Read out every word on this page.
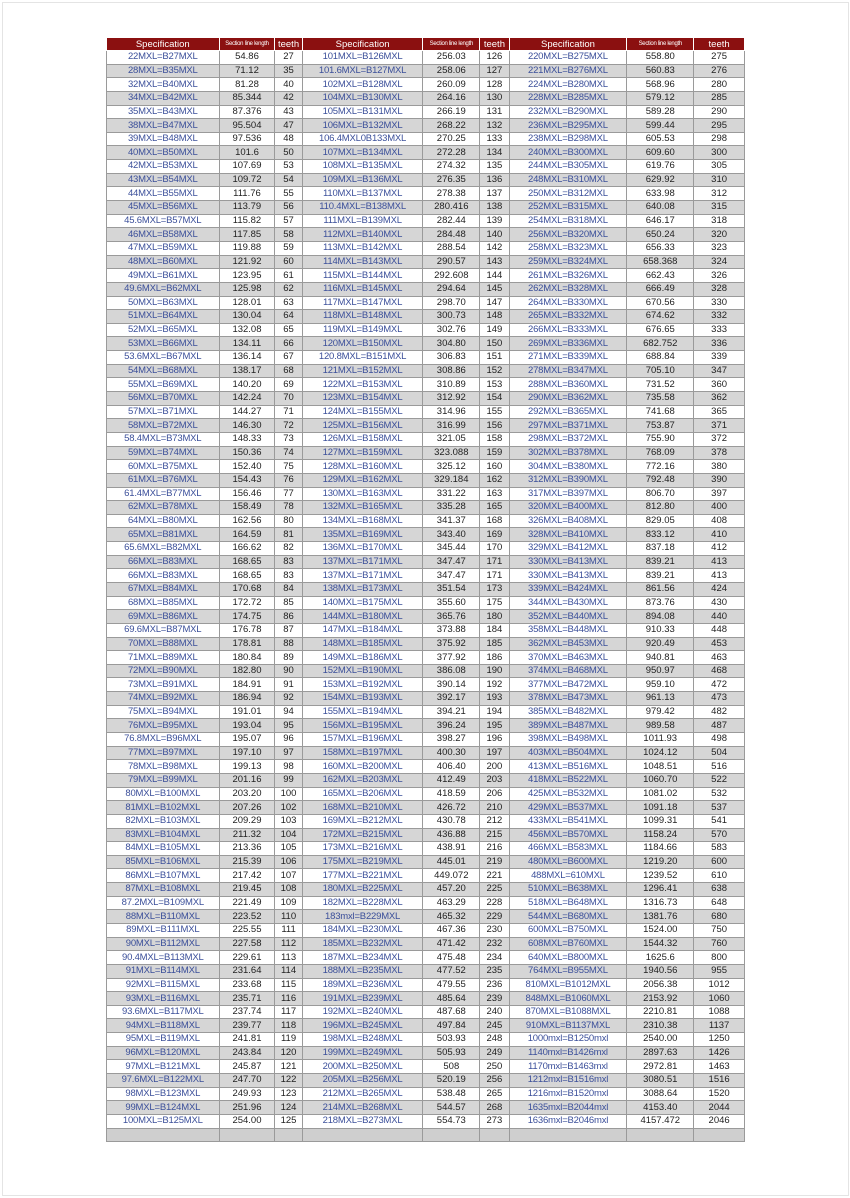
Specification	Section line length	teeth	Specification	Section line length	teeth	Specification	Section line length	teeth
22MXL=B27MXL	54.86	27	101MXL=B126MXL	256.03	126	220MXL=B275MXL	558.80	275
28MXL=B35MXL	71.12	35	101.6MXL=B127MXL	258.06	127	221MXL=B276MXL	560.83	276
32MXL=B40MXL	81.28	40	102MXL=B128MXL	260.09	128	224MXL=B280MXL	568.96	280
34MXL=B42MXL	85.344	42	104MXL=B130MXL	264.16	130	228MXL=B285MXL	579.12	285
35MXL=B43MXL	87.376	43	105MXL=B131MXL	266.19	131	232MXL=B290MXL	589.28	290
38MXL=B47MXL	95.504	47	106MXL=B132MXL	268.22	132	236MXL=B295MXL	599.44	295
39MXL=B48MXL	97.536	48	106.4MXL0B133MXL	270.25	133	238MXL=B298MXL	605.53	298
40MXL=B50MXL	101.6	50	107MXL=B134MXL	272.28	134	240MXL=B300MXL	609.60	300
42MXL=B53MXL	107.69	53	108MXL=B135MXL	274.32	135	244MXL=B305MXL	619.76	305
43MXL=B54MXL	109.72	54	109MXL=B136MXL	276.35	136	248MXL=B310MXL	629.92	310
44MXL=B55MXL	111.76	55	110MXL=B137MXL	278.38	137	250MXL=B312MXL	633.98	312
45MXL=B56MXL	113.79	56	110.4MXL=B138MXL	280.416	138	252MXL=B315MXL	640.08	315
45.6MXL=B57MXL	115.82	57	111MXL=B139MXL	282.44	139	254MXL=B318MXL	646.17	318
46MXL=B58MXL	117.85	58	112MXL=B140MXL	284.48	140	256MXL=B320MXL	650.24	320
47MXL=B59MXL	119.88	59	113MXL=B142MXL	288.54	142	258MXL=B323MXL	656.33	323
48MXL=B60MXL	121.92	60	114MXL=B143MXL	290.57	143	259MXL=B324MXL	658.368	324
49MXL=B61MXL	123.95	61	115MXL=B144MXL	292.608	144	261MXL=B326MXL	662.43	326
49.6MXL=B62MXL	125.98	62	116MXL=B145MXL	294.64	145	262MXL=B328MXL	666.49	328
50MXL=B63MXL	128.01	63	117MXL=B147MXL	298.70	147	264MXL=B330MXL	670.56	330
51MXL=B64MXL	130.04	64	118MXL=B148MXL	300.73	148	265MXL=B332MXL	674.62	332
52MXL=B65MXL	132.08	65	119MXL=B149MXL	302.76	149	266MXL=B333MXL	676.65	333
53MXL=B66MXL	134.11	66	120MXL=B150MXL	304.80	150	269MXL=B336MXL	682.752	336
53.6MXL=B67MXL	136.14	67	120.8MXL=B151MXL	306.83	151	271MXL=B339MXL	688.84	339
54MXL=B68MXL	138.17	68	121MXL=B152MXL	308.86	152	278MXL=B347MXL	705.10	347
55MXL=B69MXL	140.20	69	122MXL=B153MXL	310.89	153	288MXL=B360MXL	731.52	360
56MXL=B70MXL	142.24	70	123MXL=B154MXL	312.92	154	290MXL=B362MXL	735.58	362
57MXL=B71MXL	144.27	71	124MXL=B155MXL	314.96	155	292MXL=B365MXL	741.68	365
58MXL=B72MXL	146.30	72	125MXL=B156MXL	316.99	156	297MXL=B371MXL	753.87	371
58.4MXL=B73MXL	148.33	73	126MXL=B158MXL	321.05	158	298MXL=B372MXL	755.90	372
59MXL=B74MXL	150.36	74	127MXL=B159MXL	323.088	159	302MXL=B378MXL	768.09	378
60MXL=B75MXL	152.40	75	128MXL=B160MXL	325.12	160	304MXL=B380MXL	772.16	380
61MXL=B76MXL	154.43	76	129MXL=B162MXL	329.184	162	312MXL=B390MXL	792.48	390
61.4MXL=B77MXL	156.46	77	130MXL=B163MXL	331.22	163	317MXL=B397MXL	806.70	397
62MXL=B78MXL	158.49	78	132MXL=B165MXL	335.28	165	320MXL=B400MXL	812.80	400
64MXL=B80MXL	162.56	80	134MXL=B168MXL	341.37	168	326MXL=B408MXL	829.05	408
65MXL=B81MXL	164.59	81	135MXL=B169MXL	343.40	169	328MXL=B410MXL	833.12	410
65.6MXL=B82MXL	166.62	82	136MXL=B170MXL	345.44	170	329MXL=B412MXL	837.18	412
66MXL=B83MXL	168.65	83	137MXL=B171MXL	347.47	171	330MXL=B413MXL	839.21	413
66MXL=B83MXL	168.65	83	137MXL=B171MXL	347.47	171	330MXL=B413MXL	839.21	413
67MXL=B84MXL	170.68	84	138MXL=B173MXL	351.54	173	339MXL=B424MXL	861.56	424
68MXL=B85MXL	172.72	85	140MXL=B175MXL	355.60	175	344MXL=B430MXL	873.76	430
69MXL=B86MXL	174.75	86	144MXL=B180MXL	365.76	180	352MXL=B440MXL	894.08	440
69.6MXL=B87MXL	176.78	87	147MXL=B184MXL	373.88	184	358MXL=B448MXL	910.33	448
70MXL=B88MXL	178.81	88	148MXL=B185MXL	375.92	185	362MXL=B453MXL	920.49	453
71MXL=B89MXL	180.84	89	149MXL=B186MXL	377.92	186	370MXL=B463MXL	940.81	463
72MXL=B90MXL	182.80	90	152MXL=B190MXL	386.08	190	374MXL=B468MXL	950.97	468
73MXL=B91MXL	184.91	91	153MXL=B192MXL	390.14	192	377MXL=B472MXL	959.10	472
74MXL=B92MXL	186.94	92	154MXL=B193MXL	392.17	193	378MXL=B473MXL	961.13	473
75MXL=B94MXL	191.01	94	155MXL=B194MXL	394.21	194	385MXL=B482MXL	979.42	482
76MXL=B95MXL	193.04	95	156MXL=B195MXL	396.24	195	389MXL=B487MXL	989.58	487
76.8MXL=B96MXL	195.07	96	157MXL=B196MXL	398.27	196	398MXL=B498MXL	1011.93	498
77MXL=B97MXL	197.10	97	158MXL=B197MXL	400.30	197	403MXL=B504MXL	1024.12	504
78MXL=B98MXL	199.13	98	160MXL=B200MXL	406.40	200	413MXL=B516MXL	1048.51	516
79MXL=B99MXL	201.16	99	162MXL=B203MXL	412.49	203	418MXL=B522MXL	1060.70	522
80MXL=B100MXL	203.20	100	165MXL=B206MXL	418.59	206	425MXL=B532MXL	1081.02	532
81MXL=B102MXL	207.26	102	168MXL=B210MXL	426.72	210	429MXL=B537MXL	1091.18	537
82MXL=B103MXL	209.29	103	169MXL=B212MXL	430.78	212	433MXL=B541MXL	1099.31	541
83MXL=B104MXL	211.32	104	172MXL=B215MXL	436.88	215	456MXL=B570MXL	1158.24	570
84MXL=B105MXL	213.36	105	173MXL=B216MXL	438.91	216	466MXL=B583MXL	1184.66	583
85MXL=B106MXL	215.39	106	175MXL=B219MXL	445.01	219	480MXL=B600MXL	1219.20	600
86MXL=B107MXL	217.42	107	177MXL=B221MXL	449.072	221	488MXL=610MXL	1239.52	610
87MXL=B108MXL	219.45	108	180MXL=B225MXL	457.20	225	510MXL=B638MXL	1296.41	638
87.2MXL=B109MXL	221.49	109	182MXL=B228MXL	463.29	228	518MXL=B648MXL	1316.73	648
88MXL=B110MXL	223.52	110	183mxl=B229MXL	465.32	229	544MXL=B680MXL	1381.76	680
89MXL=B111MXL	225.55	111	184MXL=B230MXL	467.36	230	600MXL=B750MXL	1524.00	750
90MXL=B112MXL	227.58	112	185MXL=B232MXL	471.42	232	608MXL=B760MXL	1544.32	760
90.4MXL=B113MXL	229.61	113	187MXL=B234MXL	475.48	234	640MXL=B800MXL	1625.6	800
91MXL=B114MXL	231.64	114	188MXL=B235MXL	477.52	235	764MXL=B955MXL	1940.56	955
92MXL=B115MXL	233.68	115	189MXL=B236MXL	479.55	236	810MXL=B1012MXL	2056.38	1012
93MXL=B116MXL	235.71	116	191MXL=B239MXL	485.64	239	848MXL=B1060MXL	2153.92	1060
93.6MXL=B117MXL	237.74	117	192MXL=B240MXL	487.68	240	870MXL=B1088MXL	2210.81	1088
94MXL=B118MXL	239.77	118	196MXL=B245MXL	497.84	245	910MXL=B1137MXL	2310.38	1137
95MXL=B119MXL	241.81	119	198MXL=B248MXL	503.93	248	1000mxl=B1250mxl	2540.00	1250
96MXL=B120MXL	243.84	120	199MXL=B249MXL	505.93	249	1140mxl=B1426mxl	2897.63	1426
97MXL=B121MXL	245.87	121	200MXL=B250MXL	508	250	1170mxl=B1463mxl	2972.81	1463
97.6MXL=B122MXL	247.70	122	205MXL=B256MXL	520.19	256	1212mxl=B1516mxl	3080.51	1516
98MXL=B123MXL	249.93	123	212MXL=B265MXL	538.48	265	1216mxl=B1520mxl	3088.64	1520
99MXL=B124MXL	251.96	124	214MXL=B268MXL	544.57	268	1635mxl=B2044mxl	4153.40	2044
100MXL=B125MXL	254.00	125	218MXL=B273MXL	554.73	273	1636mxl=B2046mxl	4157.472	2046
